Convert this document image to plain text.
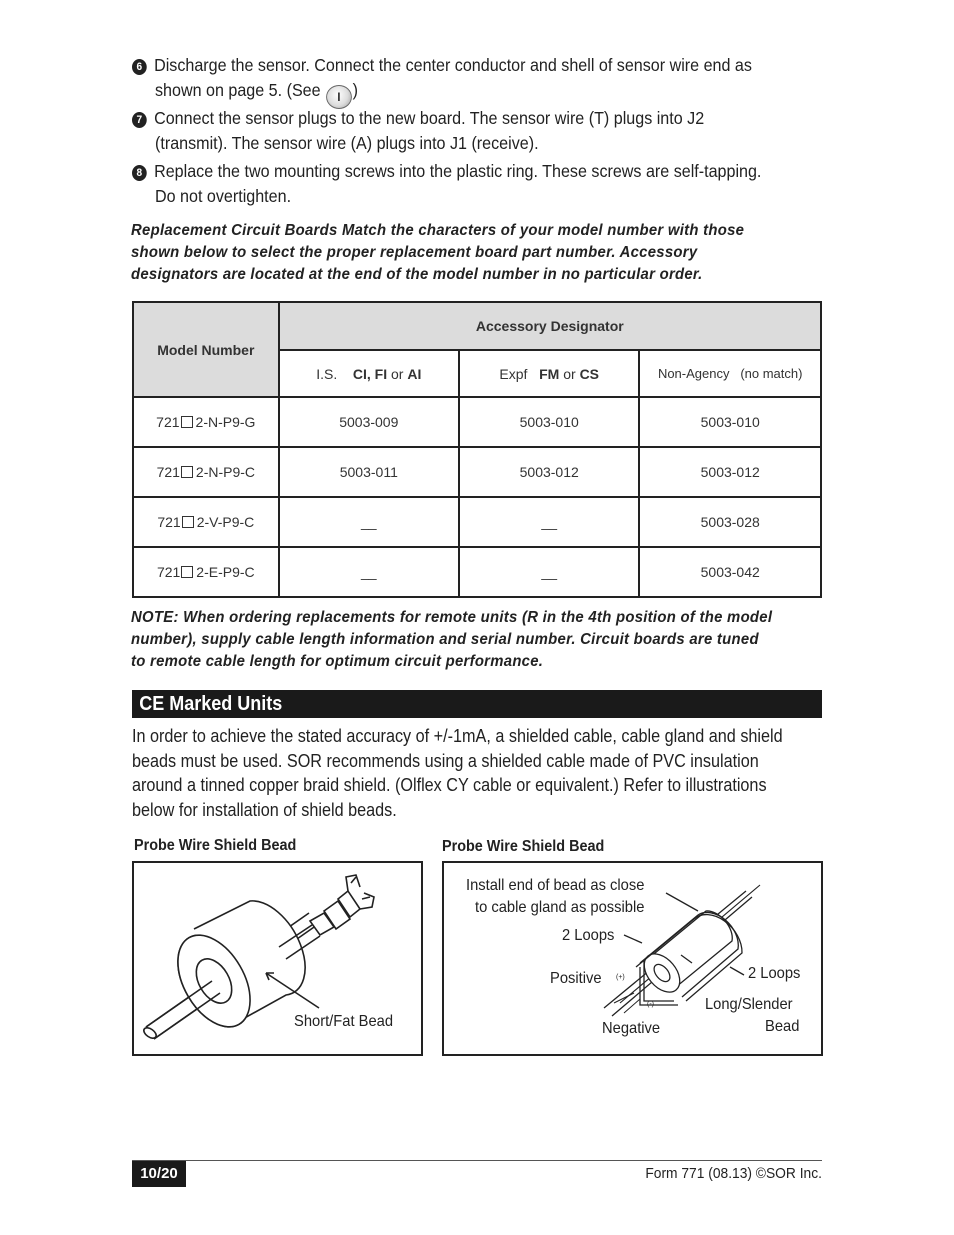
6 Discharge the sensor. Connect the center conductor and shell of sensor wire end as
shown on page 5. (See I )
7 Connect the sensor plugs to the new board. The sensor wire (T) plugs into J2
(transmit). The sensor wire (A) plugs into J1 (receive).
8 Replace the two mounting screws into the plastic ring. These screws are self-tapping.
Do not overtighten.
Replacement Circuit Boards Match the characters of your model number with those
shown below to select the proper replacement board part number. Accessory
designators are located at the end of the model number in no particular order.
Model Number	Accessory Designator		
	I.S. CI, FI or AI	Expf FM or CS	Non-Agency (no match)
721 2-N-P9-G	5003-009	5003-010	5003-010
721 2-N-P9-C	5003-011	5003-012	5003-012
721 2-V-P9-C	__	__	5003-028
721 2-E-P9-C	__	__	5003-042
NOTE: When ordering replacements for remote units (R in the 4th position of the model
number), supply cable length information and serial number. Circuit boards are tuned
to remote cable length for optimum circuit performance.
CE Marked Units
In order to achieve the stated accuracy of +/-1mA, a shielded cable, cable gland and shield
beads must be used. SOR recommends using a shielded cable made of PVC insulation
around a tinned copper braid shield. (Olflex CY cable or equivalent.) Refer to illustrations
below for installation of shield beads.
Probe Wire Shield Bead
Short/Fat Bead
Probe Wire Shield Bead
Install end of bead as close
to cable gland as possible
2 Loops
2 Loops
Positive (+)
(-)
Negative
Long/Slender
Bead
10/20	Form 771 (08.13) ©SOR Inc.
